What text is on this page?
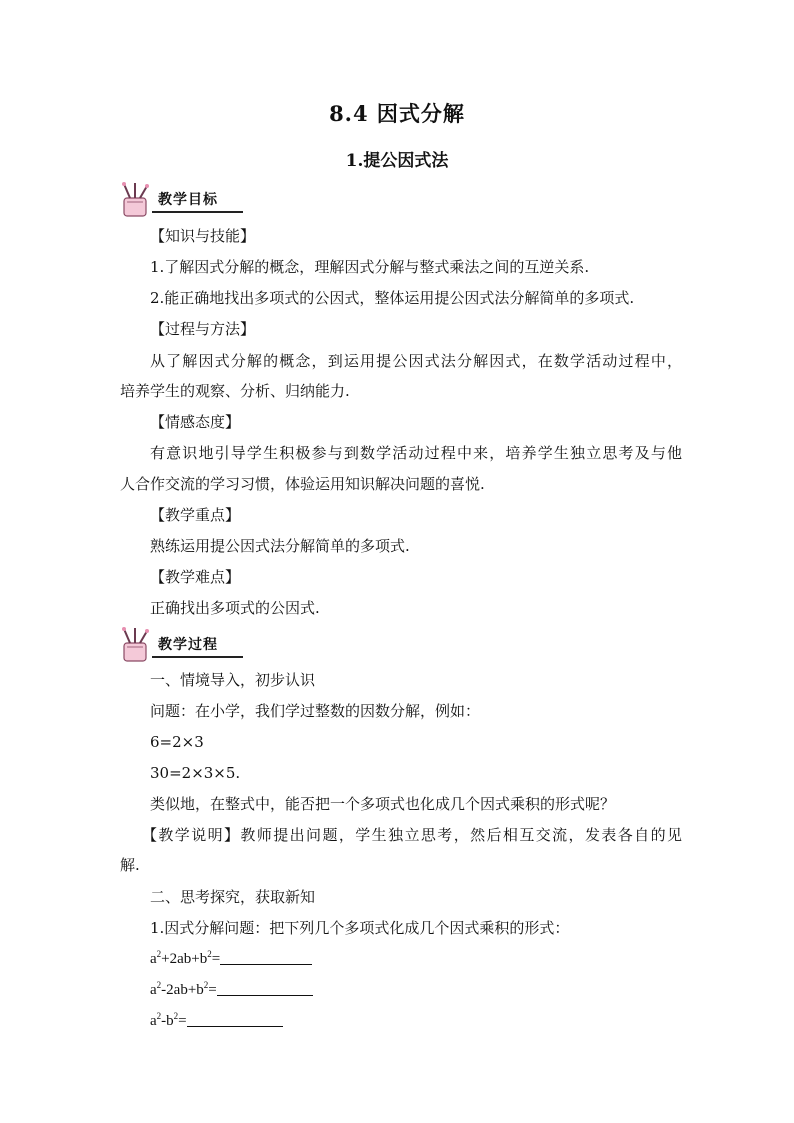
8.4 因式分解
1.提公因式法
教学目标
【知识与技能】
1.了解因式分解的概念，理解因式分解与整式乘法之间的互逆关系.
2.能正确地找出多项式的公因式，整体运用提公因式法分解简单的多项式.
【过程与方法】
从了解因式分解的概念，到运用提公因式法分解因式，在数学活动过程中，
培养学生的观察、分析、归纳能力.
【情感态度】
有意识地引导学生积极参与到数学活动过程中来，培养学生独立思考及与他
人合作交流的学习习惯，体验运用知识解决问题的喜悦.
【教学重点】
熟练运用提公因式法分解简单的多项式.
【教学难点】
正确找出多项式的公因式.
教学过程
一、情境导入，初步认识
问题：在小学，我们学过整数的因数分解，例如：
6=2×3
30=2×3×5.
类似地，在整式中，能否把一个多项式也化成几个因式乘积的形式呢？
【教学说明】教师提出问题，学生独立思考，然后相互交流，发表各自的见
解.
二、思考探究，获取新知
1.因式分解问题：把下列几个多项式化成几个因式乘积的形式：
$a^2+2ab+b^2=$
$a^2-2ab+b^2=$
$a^2-b^2=$
